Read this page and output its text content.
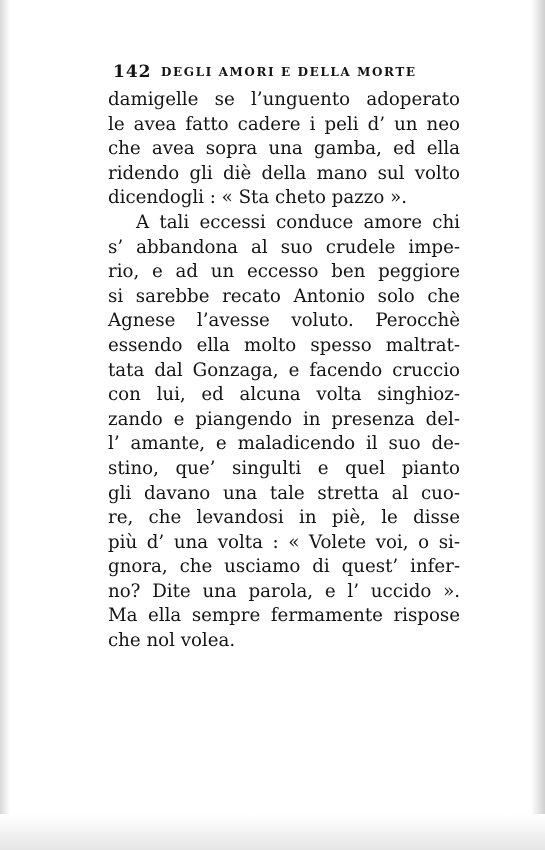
142 DEGLI AMORI E DELLA MORTE
damigelle se l’unguento adoperato
le avea fatto cadere i peli d’ un neo
che avea sopra una gamba, ed ella
ridendo gli diè della mano sul volto
dicendogli : « Sta cheto pazzo ».
A tali eccessi conduce amore chi
s’ abbandona al suo crudele impe-
rio, e ad un eccesso ben peggiore
si sarebbe recato Antonio solo che
Agnese l’avesse voluto. Perocchè
essendo ella molto spesso maltrat-
tata dal Gonzaga, e facendo cruccio
con lui, ed alcuna volta singhioz-
zando e piangendo in presenza del-
l’ amante, e maladicendo il suo de-
stino, que’ singulti e quel pianto
gli davano una tale stretta al cuo-
re, che levandosi in piè, le disse
più d’ una volta : « Volete voi, o si-
gnora, che usciamo di quest’ infer-
no? Dite una parola, e l’ uccido ».
Ma ella sempre fermamente rispose
che nol volea.
